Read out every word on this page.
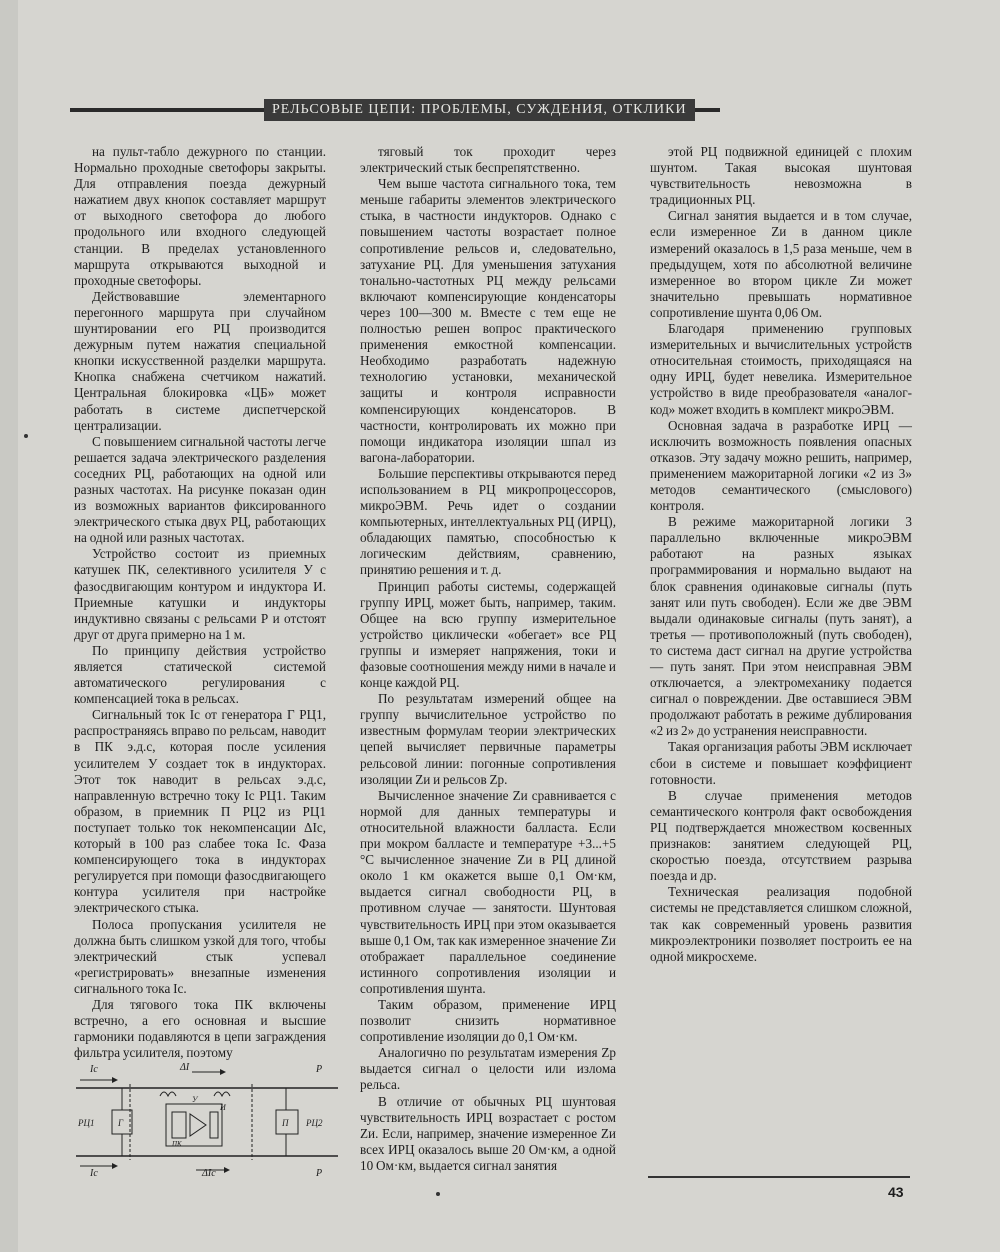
РЕЛЬСОВЫЕ ЦЕПИ: ПРОБЛЕМЫ, СУЖДЕНИЯ, ОТКЛИКИ

на пульт-табло дежурного по станции. Нормально проходные светофоры закрыты. Для отправления поезда дежурный нажатием двух кнопок составляет маршрут от выходного светофора до любого продольного или входного следующей станции. В пределах установленного маршрута открываются выходной и проходные светофоры.

Действовавшие элементарного перегонного маршрута при случайном шунтировании его РЦ производится дежурным путем нажатия специальной кнопки искусственной разделки маршрута. Кнопка снабжена счетчиком нажатий. Центральная блокировка «ЦБ» может работать в системе диспетчерской централизации.

С повышением сигнальной частоты легче решается задача электрического разделения соседних РЦ, работающих на одной или разных частотах. На рисунке показан один из возможных вариантов фиксированного электрического стыка двух РЦ, работающих на одной или разных частотах.

Устройство состоит из приемных катушек ПК, селективного усилителя У с фазосдвигающим контуром и индуктора И. Приемные катушки и индукторы индуктивно связаны с рельсами Р и отстоят друг от друга примерно на 1 м.

По принципу действия устройство является статической системой автоматического регулирования с компенсацией тока в рельсах.

Сигнальный ток Iс от генератора Г РЦ1, распространяясь вправо по рельсам, наводит в ПК э.д.с, которая после усиления усилителем У создает ток в индукторах. Этот ток наводит в рельсах э.д.с, направленную встречно току Iс РЦ1. Таким образом, в приемник П РЦ2 из РЦ1 поступает только ток некомпенсации ΔIс, который в 100 раз слабее тока Iс. Фаза компенсирующего тока в индукторах регулируется при помощи фазосдвигающего контура усилителя при настройке электрического стыка.

Полоса пропускания усилителя не должна быть слишком узкой для того, чтобы электрический стык успевал «регистрировать» внезапные изменения сигнального тока Iс.

Для тягового тока ПК включены встречно, а его основная и высшие гармоники подавляются в цепи заграждения фильтра усилителя, поэтому

тяговый ток проходит через электрический стык беспрепятственно.

Чем выше частота сигнального тока, тем меньше габариты элементов электрического стыка, в частности индукторов. Однако с повышением частоты возрастает полное сопротивление рельсов и, следовательно, затухание РЦ. Для уменьшения затухания тонально-частотных РЦ между рельсами включают компенсирующие конденсаторы через 100—300 м. Вместе с тем еще не полностью решен вопрос практического применения емкостной компенсации. Необходимо разработать надежную технологию установки, механической защиты и контроля исправности компенсирующих конденсаторов. В частности, контролировать их можно при помощи индикатора изоляции шпал из вагона-лаборатории.

Большие перспективы открываются перед использованием в РЦ микропроцессоров, микроЭВМ. Речь идет о создании компьютерных, интеллектуальных РЦ (ИРЦ), обладающих памятью, способностью к логическим действиям, сравнению, принятию решения и т. д.

Принцип работы системы, содержащей группу ИРЦ, может быть, например, таким. Общее на всю группу измерительное устройство циклически «обегает» все РЦ группы и измеряет напряжения, токи и фазовые соотношения между ними в начале и конце каждой РЦ.

По результатам измерений общее на группу вычислительное устройство по известным формулам теории электрических цепей вычисляет первичные параметры рельсовой линии: погонные сопротивления изоляции Zи и рельсов Zр.

Вычисленное значение Zи сравнивается с нормой для данных температуры и относительной влажности балласта. Если при мокром балласте и температуре +3...+5 °С вычисленное значение Zи в РЦ длиной около 1 км окажется выше 0,1 Ом·км, выдается сигнал свободности РЦ, в противном случае — занятости. Шунтовая чувствительность ИРЦ при этом оказывается выше 0,1 Ом, так как измеренное значение Zи отображает параллельное соединение истинного сопротивления изоляции и сопротивления шунта.

Таким образом, применение ИРЦ позволит снизить нормативное сопротивление изоляции до 0,1 Ом·км.

Аналогично по результатам измерения Zр выдается сигнал о целости или излома рельса.

В отличие от обычных РЦ шунтовая чувствительность ИРЦ возрастает с ростом Zи. Если, например, значение измеренное Zи всех ИРЦ оказалось выше 20 Ом·км, а одной 10 Ом·км, выдается сигнал занятия

этой РЦ подвижной единицей с плохим шунтом. Такая высокая шунтовая чувствительность невозможна в традиционных РЦ.

Сигнал занятия выдается и в том случае, если измеренное Zи в данном цикле измерений оказалось в 1,5 раза меньше, чем в предыдущем, хотя по абсолютной величине измеренное во втором цикле Zи может значительно превышать нормативное сопротивление шунта 0,06 Ом.

Благодаря применению групповых измерительных и вычислительных устройств относительная стоимость, приходящаяся на одну ИРЦ, будет невелика. Измерительное устройство в виде преобразователя «аналог-код» может входить в комплект микроЭВМ.

Основная задача в разработке ИРЦ — исключить возможность появления опасных отказов. Эту задачу можно решить, например, применением мажоритарной логики «2 из 3» методов семантического (смыслового) контроля.

В режиме мажоритарной логики 3 параллельно включенные микроЭВМ работают на разных языках программирования и нормально выдают на блок сравнения одинаковые сигналы (путь занят или путь свободен). Если же две ЭВМ выдали одинаковые сигналы (путь занят), а третья — противоположный (путь свободен), то система даст сигнал на другие устройства — путь занят. При этом неисправная ЭВМ отключается, а электромеханику подается сигнал о повреждении. Две оставшиеся ЭВМ продолжают работать в режиме дублирования «2 из 2» до устранения неисправности.

Такая организация работы ЭВМ исключает сбои в системе и повышает коэффициент готовности.

В случае применения методов семантического контроля факт освобождения РЦ подтверждается множеством косвенных признаков: занятием следующей РЦ, скоростью поезда, отсутствием разрыва поезда и др.

Техническая реализация подобной системы не представляется слишком сложной, так как современный уровень развития микроэлектроники позволяет построить ее на одной микросхеме.

Iс	ΔI	Р
РЦ1	Г
ПК
У
И
П РЦ2
Iс	ΔIс	Р
43
